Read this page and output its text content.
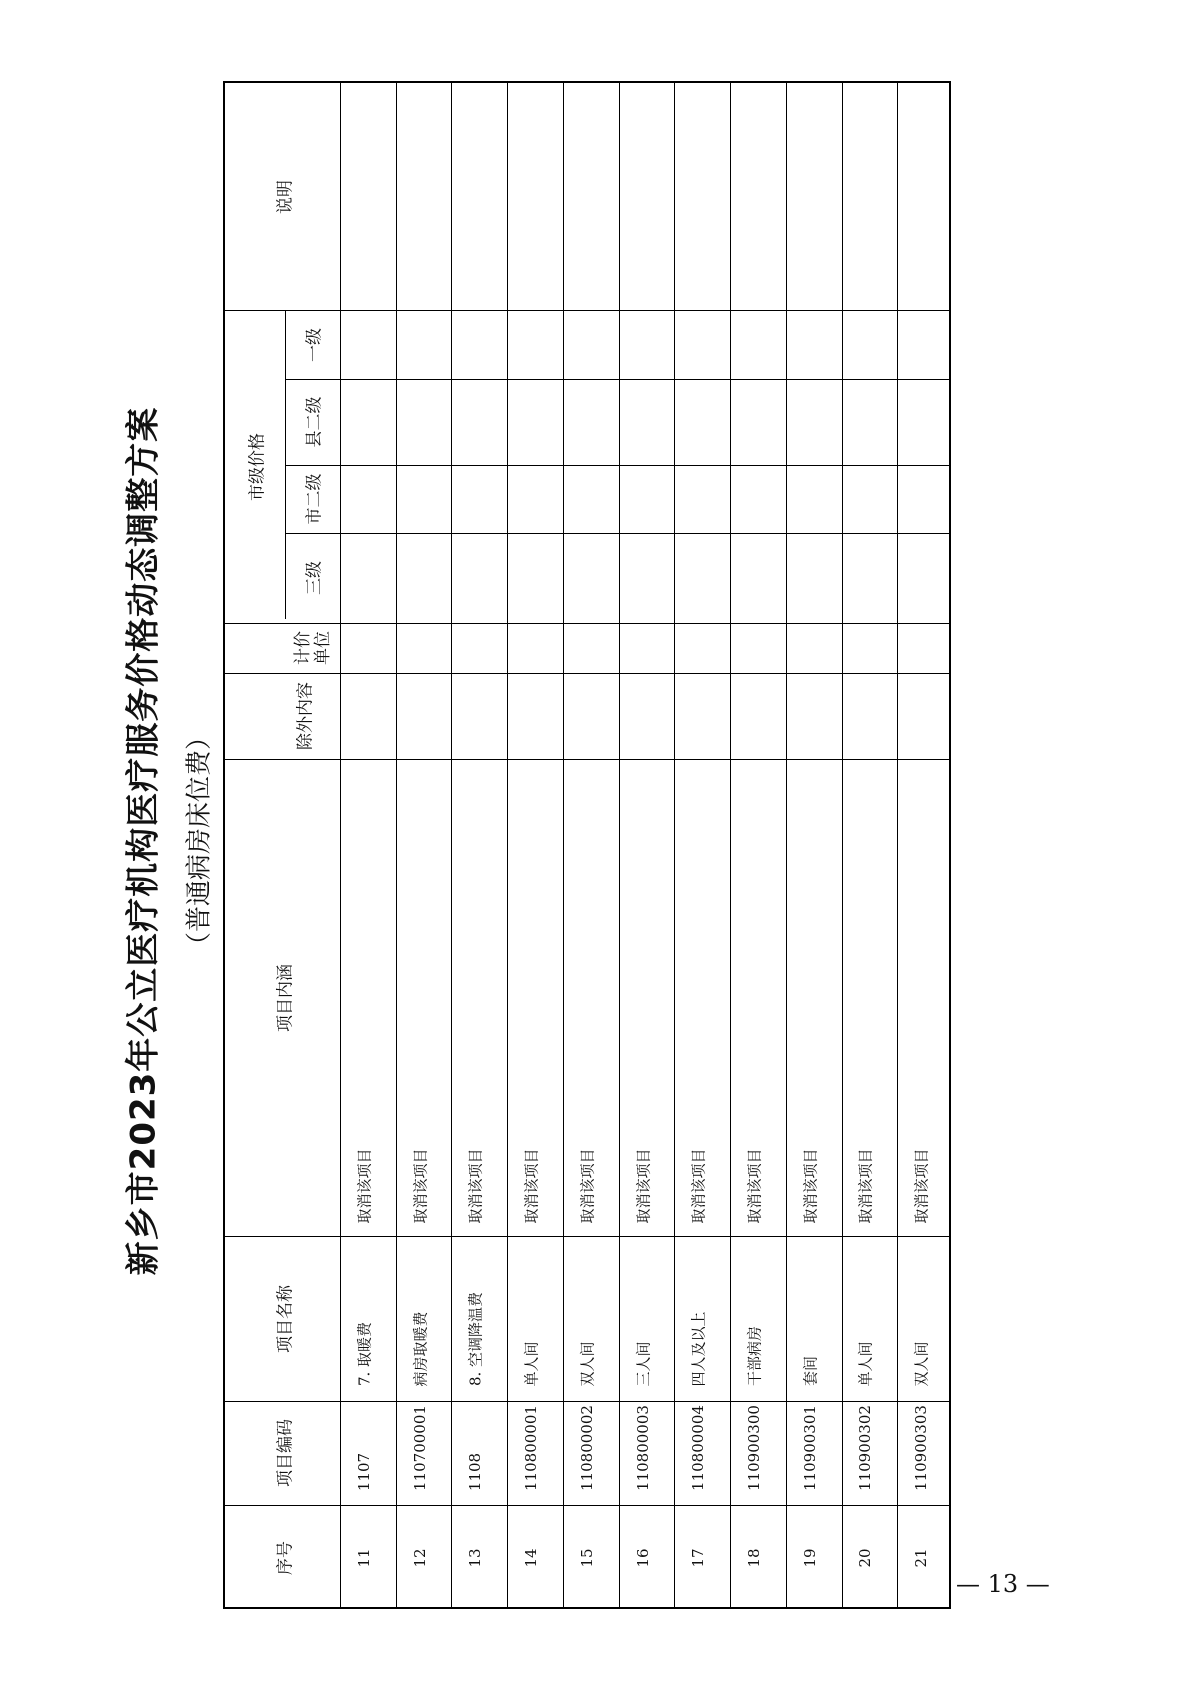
新乡市2023年公立医疗机构医疗服务价格动态调整方案 （普通病房床位费）
说明
市级价格
一级
县二级
市二级
三级
计价单位
除外内容
项目内涵
项目名称
项目编码
序号	11
1107
7. 取暖费
取消该项目
12
110700001
病房取暖费
取消该项目
13
1108
8. 空调降温费
取消该项目
14
110800001
单人间
取消该项目
15
110800002
双人间
取消该项目
16
110800003
三人间
取消该项目
17
110800004
四人及以上
取消该项目
18
110900300
干部病房
取消该项目
19
110900301
套间
取消该项目
20
110900302
单人间
取消该项目
21
110900303
双人间
取消该项目
— 13 —
